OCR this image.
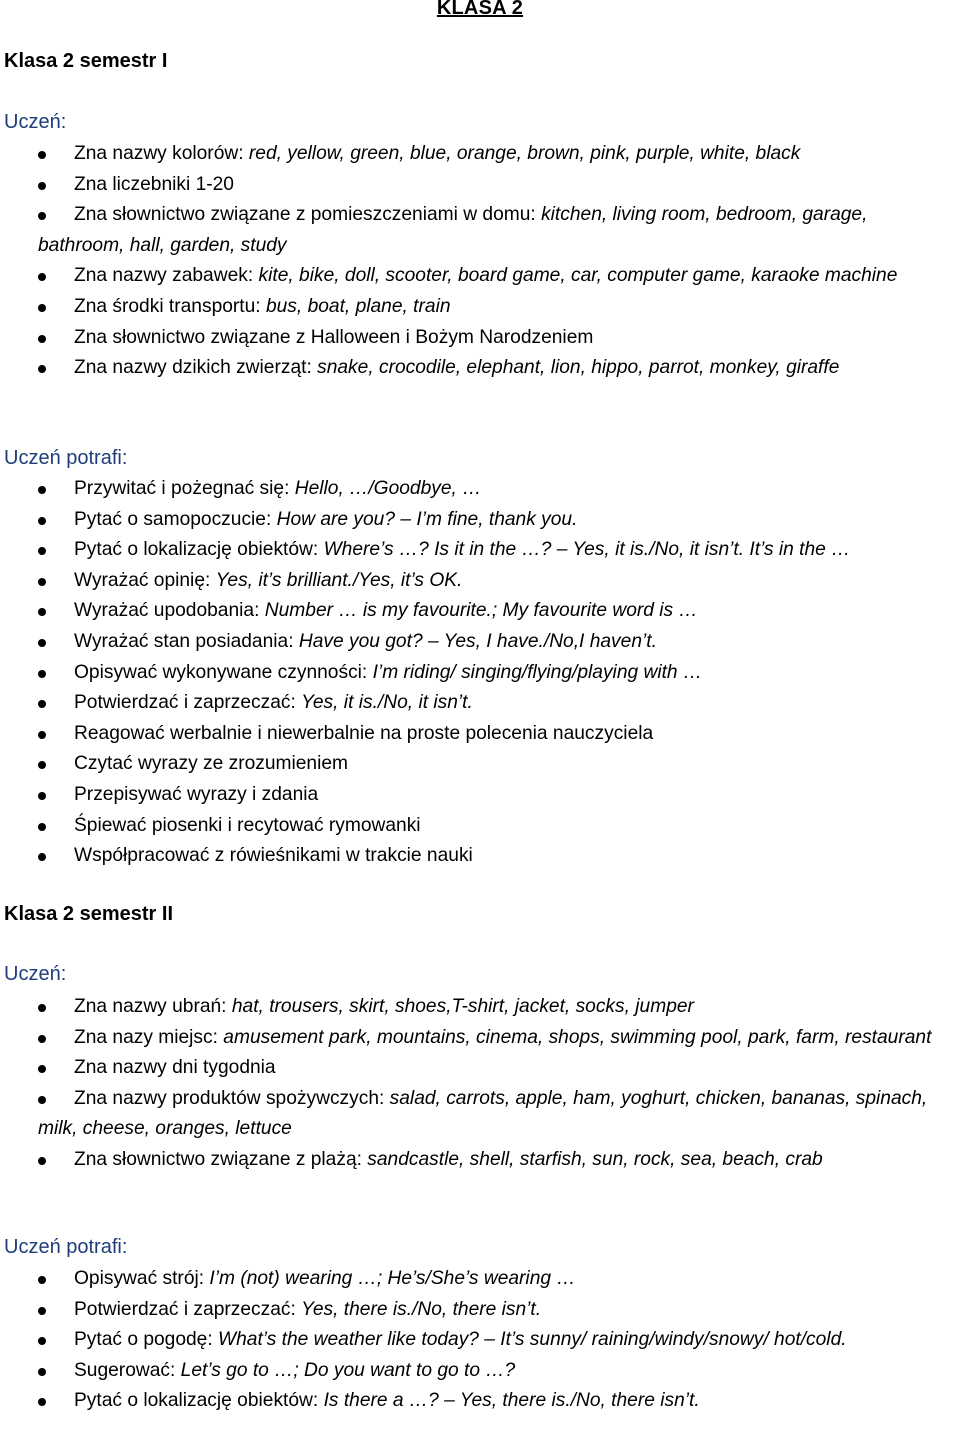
KLASA 2
Klasa 2 semestr I
Uczeń:
Zna nazwy kolorów: red, yellow, green, blue, orange, brown, pink, purple, white, black
Zna liczebniki 1-20
Zna słownictwo związane z pomieszczeniami w domu: kitchen, living room, bedroom, garage, bathroom, hall, garden, study
Zna nazwy zabawek: kite, bike, doll, scooter, board game, car, computer game, karaoke machine
Zna środki transportu: bus, boat, plane, train
Zna słownictwo związane z Halloween i Bożym Narodzeniem
Zna nazwy dzikich zwierząt: snake, crocodile, elephant, lion, hippo, parrot, monkey, giraffe
Uczeń potrafi:
Przywitać i pożegnać się: Hello, …/Goodbye, …
Pytać o samopoczucie: How are you? – I’m fine, thank you.
Pytać o lokalizację obiektów: Where’s …? Is it in the …? – Yes, it is./No, it isn’t. It’s in the …
Wyrażać opinię: Yes, it’s brilliant./Yes, it’s OK.
Wyrażać upodobania: Number … is my favourite.; My favourite word is …
Wyrażać stan posiadania: Have you got? – Yes, I have./No,I haven’t.
Opisywać wykonywane czynności: I’m riding/ singing/flying/playing with …
Potwierdzać i zaprzeczać: Yes, it is./No, it isn’t.
Reagować werbalnie i niewerbalnie na proste polecenia nauczyciela
Czytać wyrazy ze zrozumieniem
Przepisywać wyrazy i zdania
Śpiewać piosenki i recytować rymowanki
Współpracować z rówieśnikami w trakcie nauki
Klasa 2 semestr II
Uczeń:
Zna nazwy ubrań: hat, trousers, skirt, shoes,T-shirt, jacket, socks, jumper
Zna nazy miejsc: amusement park, mountains, cinema, shops, swimming pool, park, farm, restaurant
Zna nazwy dni tygodnia
Zna nazwy produktów spożywczych: salad, carrots, apple, ham, yoghurt, chicken, bananas, spinach, milk, cheese, oranges, lettuce
Zna słownictwo związane z plażą: sandcastle, shell, starfish, sun, rock, sea, beach, crab
Uczeń potrafi:
Opisywać strój: I’m (not) wearing …; He’s/She’s wearing …
Potwierdzać i zaprzeczać: Yes, there is./No, there isn’t.
Pytać o pogodę: What’s the weather like today? – It’s sunny/ raining/windy/snowy/ hot/cold.
Sugerować: Let’s go to …; Do you want to go to …?
Pytać o lokalizację obiektów: Is there a …? – Yes, there is./No, there isn’t.
